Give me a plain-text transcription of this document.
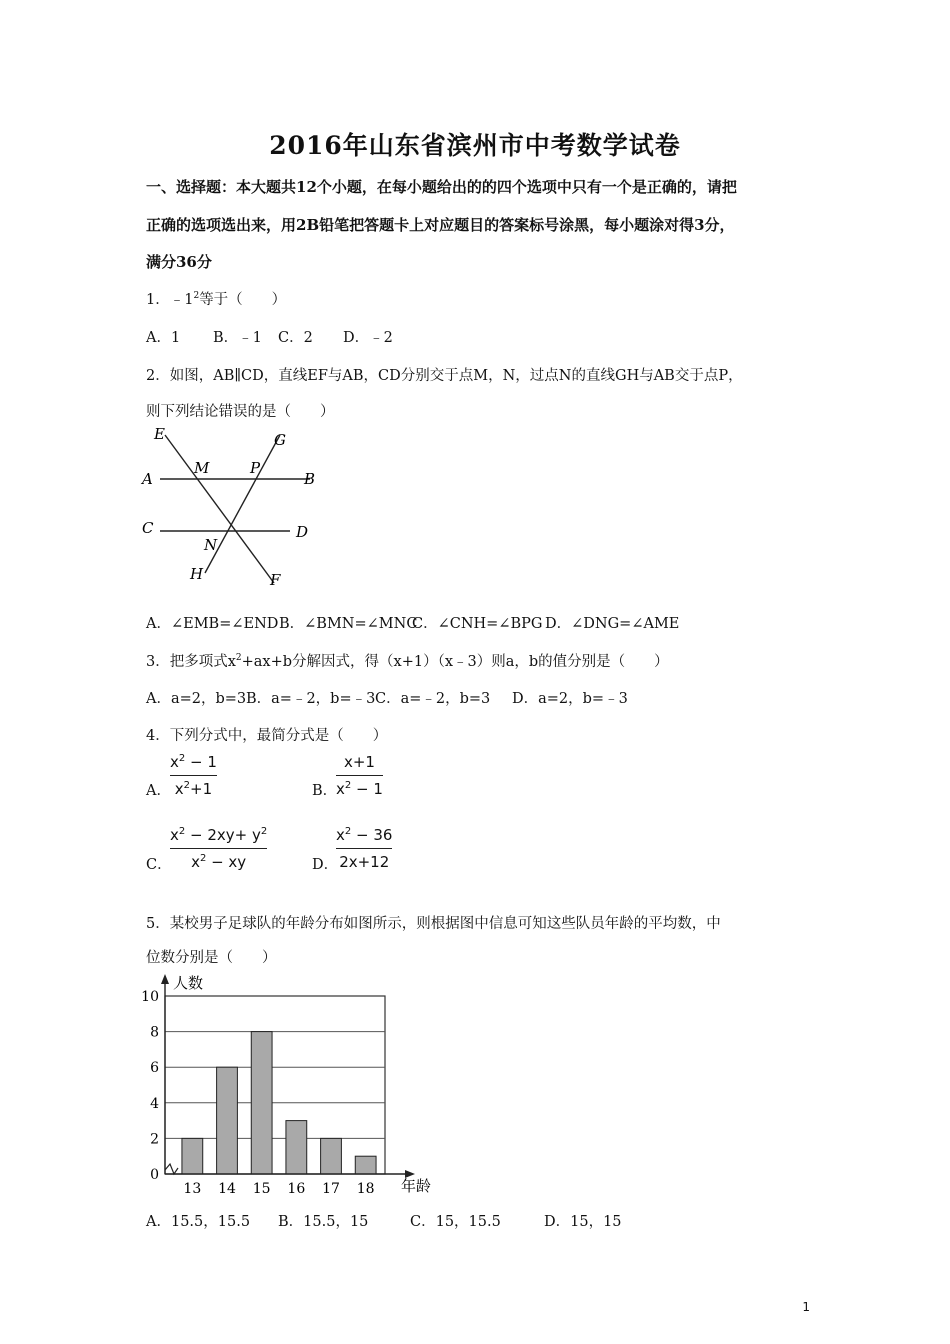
2016年山东省滨州市中考数学试卷
一、选择题：本大题共12个小题，在每小题给出的的四个选项中只有一个是正确的，请把
正确的选项选出来，用2B铅笔把答题卡上对应题目的答案标号涂黑，每小题涂对得3分，
满分36分
1．$﹣1^2$等于（　　）
A．1 B．﹣1 C．2 D．﹣2
2．如图，AB∥CD，直线EF与AB，CD分别交于点M，N，过点N的直线GH与AB交于点P，
则下列结论错误的是（　　）
E	G
A
M	P
B
C	D
N
H	F
A．∠EMB=∠END B．∠BMN=∠MNC
C．∠CNH=∠BPG D．∠DNG=∠AME
3．把多项式$x^2+ax+b$分解因式，得（x+1）（x﹣3）则a，b的值分别是（　　）
A．a=2，b=3 B．a=﹣2，b=﹣3 C．a=﹣2，b=3 D．a=2，b=﹣3
4．下列分式中，最简分式是（　　）
A．
$x^2 - 1$
$x^2+1$	B．
x+1
$x^2 - 1$
C．
$x^2 - 2xy+ y^2$
$x^2$ − xy	D．
$x^2 - 36$
2x+12
5．某校男子足球队的年龄分布如图所示，则根据图中信息可知这些队员年龄的平均数，中
位数分别是（　　）
0
2
4
6
8
10
13 14 15 16 17 18
人数
年龄
A．15.5，15.5 B．15.5，15	C．15，15.5	D．15，15
1
